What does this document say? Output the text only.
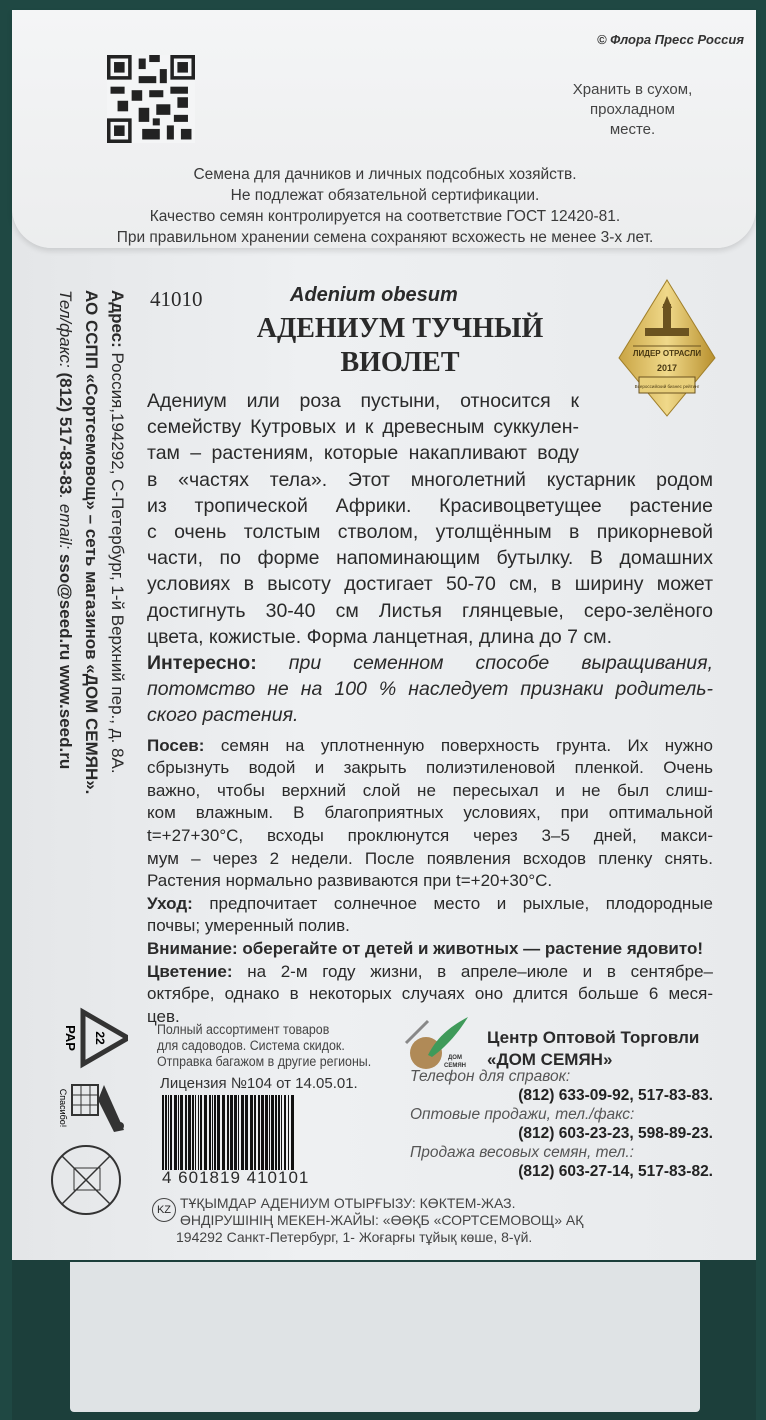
© Флора Пресс Россия
Хранить в сухом,
прохладном
месте.
Семена для дачников и личных подсобных хозяйств.
Не подлежат обязательной сертификации.
Качество семян контролируется на соответствие ГОСТ 12420-81.
При правильном хранении семена сохраняют всхожесть не менее 3-х лет.
Адрес: Россия,194292, С-Петербург, 1-й Верхний пер., д. 8А.
АО ССПП «Сортсемовощ» – сеть магазинов «ДОМ СЕМЯН».
Тел/факс: (812) 517-83-83. email: sso@seed.ru www.seed.ru
41010	Adenium obesum
АДЕНИУМ ТУЧНЫЙ
ВИОЛЕТ	ЛИДЕР ОТРАСЛИ
2017
Всероссийский бизнес рейтинг
Адениум или роза пустыни, относится к
семейству Кутровых и к древесным суккулен-
там – растениям, которые накапливают воду
в «частях тела». Этот многолетний кустарник родом
из тропической Африки. Красивоцветущее растение
с очень толстым стволом, утолщённым в прикорневой
части, по форме напоминающим бутылку. В домашних
условиях в высоту достигает 50-70 см, в ширину может
достигнуть 30-40 см Листья глянцевые, серо-зелёного
цвета, кожистые. Форма ланцетная, длина до 7 см.
Интересно: при семенном способе выращивания,
потомство не на 100 % наследует признаки родитель-
ского растения.
Посев: семян на уплотненную поверхность грунта. Их нужно
сбрызнуть водой и закрыть полиэтиленовой пленкой. Очень
важно, чтобы верхний слой не пересыхал и не был слиш-
ком влажным. В благоприятных условиях, при оптимальной
t=+27+30°С, всходы проклюнутся через 3–5 дней, макси-
мум – через 2 недели. После появления всходов пленку снять.
Растения нормально развиваются при t=+20+30°С.
Уход: предпочитает солнечное место и рыхлые, плодородные
почвы; умеренный полив.
Внимание: оберегайте от детей и животных — растение ядовито!
Цветение: на 2-м году жизни, в апреле–июле и в сентябре–
октябре, однако в некоторых случаях оно длится больше 6 меся-
цев.
22
PAP
Спасибо!
Полный ассортимент товаров
для садоводов. Система скидок.
Отправка багажом в другие регионы.
Лицензия №104 от 14.05.01.
4 601819 410101
ДОМ
СЕМЯН
Центр Оптовой Торговли
«ДОМ СЕМЯН»
Телефон для справок:
(812) 633-09-92, 517-83-83.
Оптовые продажи, тел./факс:
(812) 603-23-23, 598-89-23.
Продажа весовых семян, тел.:
(812) 603-27-14, 517-83-82.
KZ ТҰҚЫМДАР АДЕНИУМ ОТЫРҒЫЗУ: КӨКТЕМ-ЖАЗ.
ӨНДІРУШІНІҢ МЕКЕН-ЖАЙЫ: «ӨӨҚБ «СОРТСЕМОВОЩ» АҚ
194292 Санкт-Петербург, 1- Жоғарғы тұйық көше, 8-үй.
